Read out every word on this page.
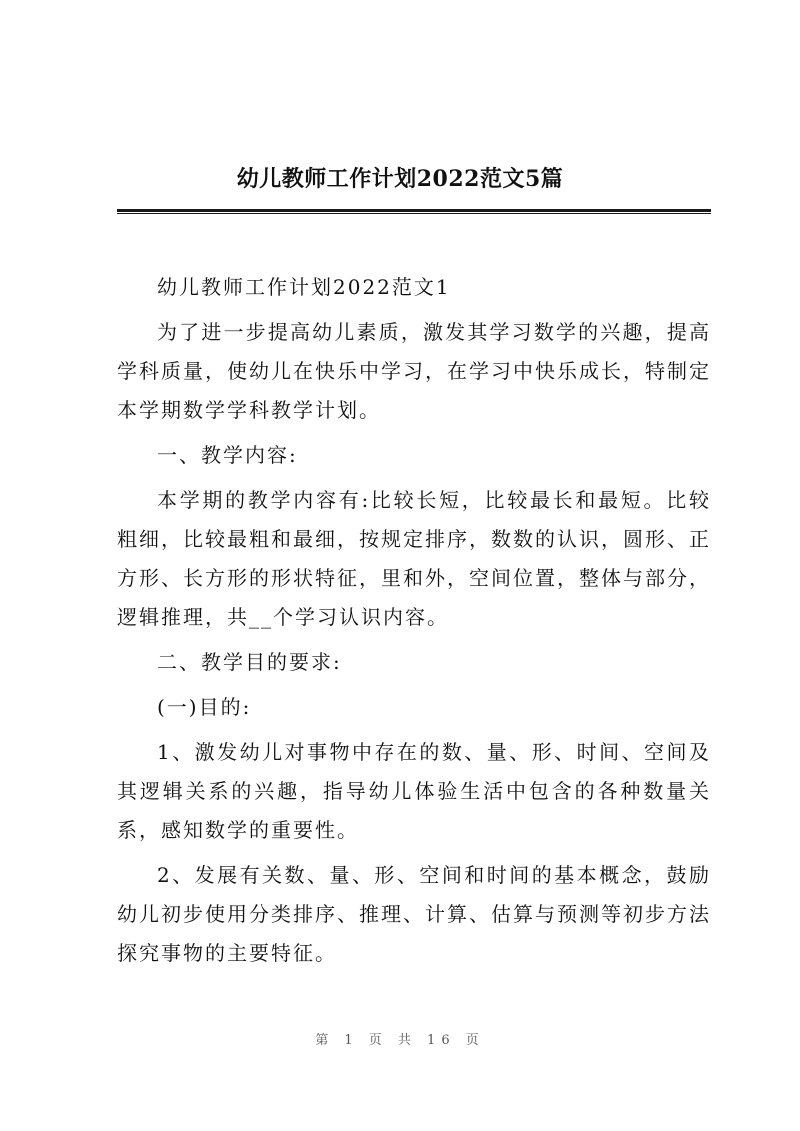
幼儿教师工作计划2022范文5篇

幼儿教师工作计划2022范文1

为了进一步提高幼儿素质，激发其学习数学的兴趣，提高学科质量，使幼儿在快乐中学习，在学习中快乐成长，特制定本学期数学学科教学计划。

一、教学内容:

本学期的教学内容有:比较长短，比较最长和最短。比较粗细，比较最粗和最细，按规定排序，数数的认识，圆形、正方形、长方形的形状特征，里和外，空间位置，整体与部分，逻辑推理，共__个学习认识内容。

二、教学目的要求:

(一)目的:

1、激发幼儿对事物中存在的数、量、形、时间、空间及其逻辑关系的兴趣，指导幼儿体验生活中包含的各种数量关系，感知数学的重要性。

2、发展有关数、量、形、空间和时间的基本概念，鼓励幼儿初步使用分类排序、推理、计算、估算与预测等初步方法探究事物的主要特征。

第 1 页 共 16 页
